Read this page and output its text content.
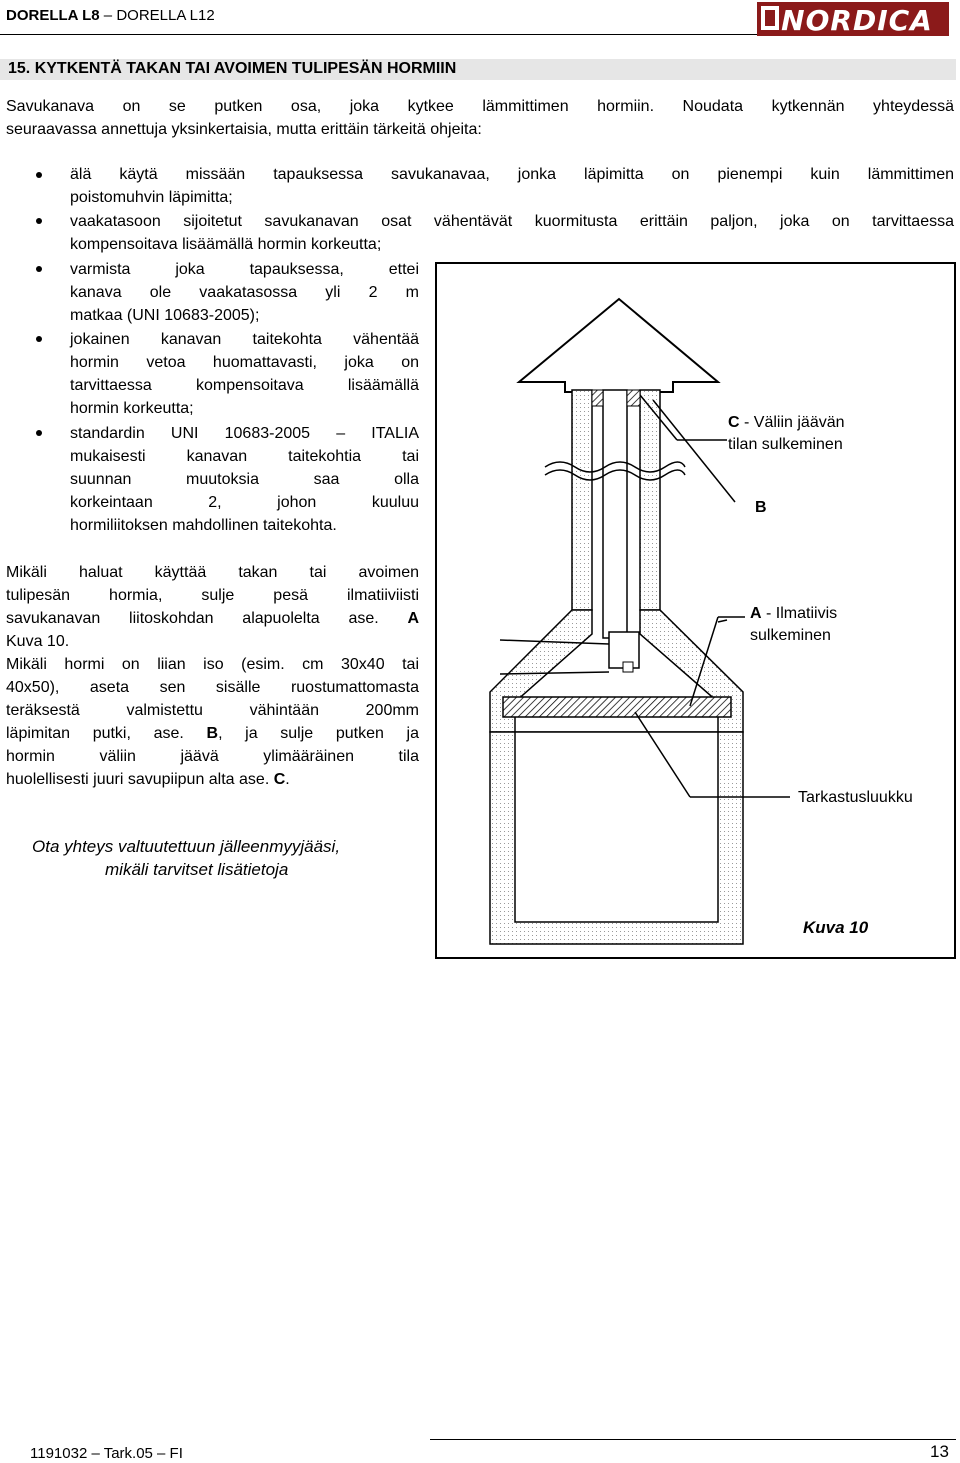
DORELLA L8 – DORELLA L12	NORDICA
15. KYTKENTÄ TAKAN TAI AVOIMEN TULIPESÄN HORMIIN
Savukanava on se putken osa, joka kytkee lämmittimen hormiin. Noudata kytkennän yhteydessä
seuraavassa annettuja yksinkertaisia, mutta erittäin tärkeitä ohjeita:
älä käytä missään tapauksessa savukanavaa, jonka läpimitta on pienempi kuin lämmittimen
poistomuhvin läpimitta;
vaakatasoon sijoitetut savukanavan osat vähentävät kuormitusta erittäin paljon, joka on tarvittaessa
kompensoitava lisäämällä hormin korkeutta;
varmista joka tapauksessa, ettei
kanava ole vaakatasossa yli 2 m
matkaa (UNI 10683-2005);
jokainen kanavan taitekohta vähentää
hormin vetoa huomattavasti, joka on
tarvittaessa kompensoitava lisäämällä
hormin korkeutta;
standardin UNI 10683-2005 – ITALIA
mukaisesti kanavan taitekohtia tai
suunnan muutoksia saa olla
korkeintaan 2, johon kuuluu
hormiliitoksen mahdollinen taitekohta.
Mikäli haluat käyttää takan tai avoimen
tulipesän hormia, sulje pesä ilmatiiviisti
savukanavan liitoskohdan alapuolelta ase. A
Kuva 10.
Mikäli hormi on liian iso (esim. cm 30x40 tai
40x50), aseta sen sisälle ruostumattomasta
teräksestä valmistettu vähintään 200mm
läpimitan putki, ase. B, ja sulje putken ja
hormin väliin jäävä ylimääräinen tila
huolellisesti juuri savupiipun alta ase. C.
Ota yhteys valtuutettuun jälleenmyyjääsi,
mikäli tarvitset lisätietoja
C - Väliin jäävän
tilan sulkeminen
B
A - Ilmatiivis
sulkeminen
Tarkastusluukku
Kuva 10
1191032 – Tark.05 – FI	13
